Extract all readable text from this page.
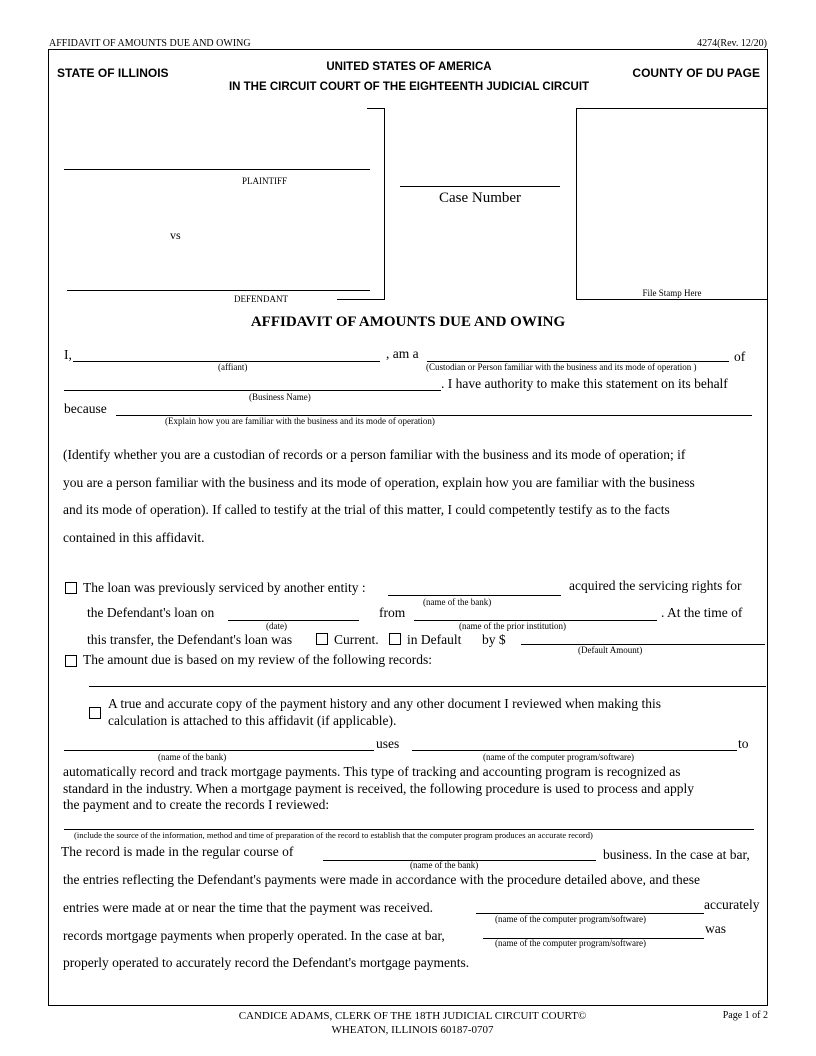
AFFIDAVIT OF AMOUNTS DUE AND OWING	4274(Rev. 12/20)
STATE OF ILLINOIS	UNITED STATES OF AMERICA
IN THE CIRCUIT COURT OF THE EIGHTEENTH JUDICIAL CIRCUIT
COUNTY OF DU PAGE
PLAINTIFF
vs
DEFENDANT
Case Number
File Stamp Here
AFFIDAVIT OF AMOUNTS DUE AND OWING
I,	, am a	of
(affiant)	(Custodian or Person familiar with the business and its mode of operation )
. I have authority to make this statement on its behalf
(Business Name)
because
(Explain how you are familiar with the business and its mode of operation)
(Identify whether you are a custodian of records or a person familiar with the business and its mode of operation; if
you are a person familiar with the business and its mode of operation, explain how you are familiar with the business
and its mode of operation). If called to testify at the trial of this matter, I could competently testify as to the facts
contained in this affidavit.
The loan was previously serviced by another entity :	acquired the servicing rights for
(name of the bank)
the Defendant's loan on	from	. At the time of
(date)	(name of the prior institution)
this transfer, the Defendant's loan was	Current. in Default by $
(Default Amount)
The amount due is based on my review of the following records:
A true and accurate copy of the payment history and any other document I reviewed when making this
calculation is attached to this affidavit (if applicable).
uses	to
(name of the bank)	(name of the computer program/software)
automatically record and track mortgage payments. This type of tracking and accounting program is recognized as
standard in the industry. When a mortgage payment is received, the following procedure is used to process and apply
the payment and to create the records I reviewed:
(include the source of the information, method and time of preparation of the record to establish that the computer program produces an accurate record)
The record is made in the regular course of	business. In the case at bar,
(name of the bank)
the entries reflecting the Defendant's payments were made in accordance with the procedure detailed above, and these
entries were made at or near the time that the payment was received.	accurately
(name of the computer program/software)
records mortgage payments when properly operated. In the case at bar,	was
(name of the computer program/software)
properly operated to accurately record the Defendant's mortgage payments.
CANDICE ADAMS, CLERK OF THE 18TH JUDICIAL CIRCUIT COURT©
WHEATON, ILLINOIS 60187-0707
Page 1 of 2
